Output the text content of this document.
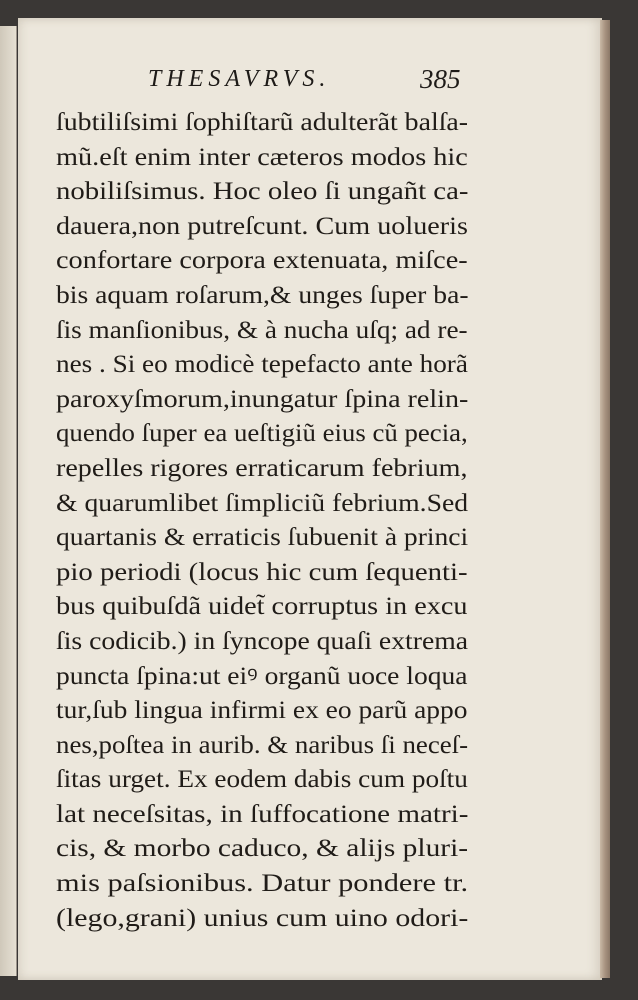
THESAVRVS.	385
ſubtiliſsimi ſophiſtarũ adulterãt balſa-
mũ.eſt enim inter cæteros modos hic
nobiliſsimus. Hoc oleo ſi ungañt ca-
dauera,non putreſcunt. Cum uolueris
confortare corpora extenuata, miſce-
bis aquam roſarum,& unges ſuper ba-
ſis manſionibus, & à nucha uſq; ad re-
nes . Si eo modicè tepefacto ante horã
paroxyſmorum,inungatur ſpina relin-
quendo ſuper ea ueſtigiũ eius cũ pecia,
repelles rigores erraticarum febrium,
& quarumlibet ſimpliciũ febrium.Sed
quartanis & erraticis ſubuenit à princi
pio periodi (locus hic cum ſequenti-
bus quibuſdã uidet̃ corruptus in excu
ſis codicib.) in ſyncope quaſi extrema
puncta ſpina:ut eiꝰ organũ uoce loqua
tur,ſub lingua infirmi ex eo parũ appo
nes,poſtea in aurib. & naribus ſi neceſ-
ſitas urget. Ex eodem dabis cum poſtu
lat neceſsitas, in ſuffocatione matri-
cis, & morbo caduco, & alijs pluri-
mis paſsionibus. Datur pondere tr.
(lego,grani) unius cum uino odori-
